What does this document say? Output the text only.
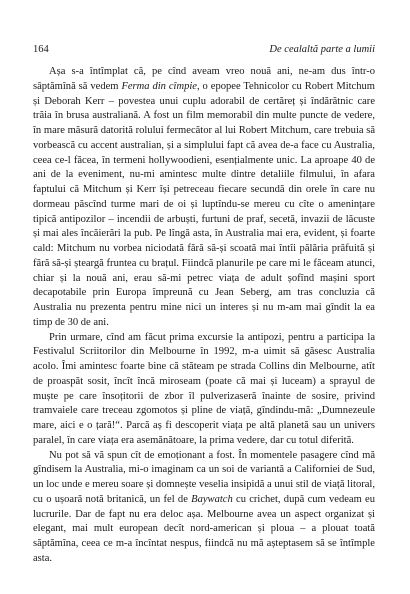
164	De cealaltă parte a lumii

Așa s-a întîmplat că, pe cînd aveam vreo nouă ani, ne-am dus într-o sâptămînă să vedem Ferma din cîmpie, o epopee Tehnicolor cu Robert Mitchum și Deborah Kerr – povestea unui cuplu adorabil de certăreț și îndărătnic care trăia în brusa australiană. A fost un film memorabil din multe puncte de vedere, în mare măsură datorită rolului fermecător al lui Robert Mitchum, care trebuia să vorbească cu accent australian, și a simplului fapt că avea de-a face cu Australia, ceea ce-l făcea, în termeni hollywoodieni, esențialmente unic. La aproape 40 de ani de la eveniment, nu-mi amintesc multe dintre detaliile filmului, în afara faptului că Mitchum și Kerr își petreceau fiecare secundă din orele în care nu dormeau păscînd turme mari de oi și luptîndu-se mereu cu cîte o amenințare tipică antipozilor – incendii de arbuști, furtuni de praf, secetă, invazii de lăcuste și mai ales încăierări la pub. Pe lîngă asta, în Australia mai era, evident, și foarte cald: Mitchum nu vorbea niciodată fără să-și scoată mai întîi pălăria prăfuită și fără să-și șteargă fruntea cu brațul. Fiindcă planurile pe care mi le făceam atunci, chiar și la nouă ani, erau să-mi petrec viața de adult șofînd mașini sport decapotabile prin Europa împreună cu Jean Seberg, am tras concluzia că Australia nu prezenta pentru mine nici un interes și nu m-am mai gîndit la ea timp de 30 de ani.

Prin urmare, cînd am făcut prima excursie la antipozi, pentru a participa la Festivalul Scriitorilor din Melbourne în 1992, m-a uimit să găsesc Australia acolo. Îmi amintesc foarte bine că stăteam pe strada Collins din Melbourne, atît de proaspăt sosit, încît încă miroseam (poate că mai și luceam) a sprayul de muște pe care însoțitorii de zbor îl pulverizaseră înainte de sosire, privind tramvaiele care treceau zgomotos și pline de viață, gîndindu-mă: „Dumnezeule mare, aici e o țară!“. Parcă aș fi descoperit viața pe altă planetă sau un univers paralel, în care viața era asemănătoare, la prima vedere, dar cu totul diferită.

Nu pot să vă spun cît de emoționant a fost. În momentele pasagere cînd mă gîndisem la Australia, mi-o imaginam ca un soi de variantă a Californiei de Sud, un loc unde e mereu soare și domnește veselia insipidă a unui stil de viață litoral, cu o ușoară notă britanică, un fel de Baywatch cu crichet, după cum vedeam eu lucrurile. Dar de fapt nu era deloc așa. Melbourne avea un aspect organizat și elegant, mai mult european decît nord-american și ploua – a plouat toată săptămîna, ceea ce m-a încîntat nespus, fiindcă nu mă așteptasem să se întîmple asta.
